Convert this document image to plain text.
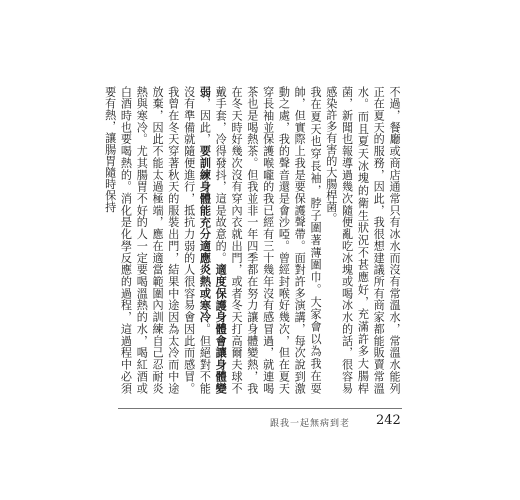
不過，餐廳或商店通常只有冰水而沒有常溫水，常溫水能列正在夏天的服務，因此，我很想建議所有商家都能販賣常溫水。而且夏天冰塊的衛生狀況不甚應好，充滿許多大腸桿菌，新聞也報導過幾次隨便亂吃冰塊或喝冰水的話，很容易感染許多有害的大腸桿菌。

我在夏天也穿長袖，脖子圍著薄圍巾。大家會以為我在耍帥，但實際上我是要保護聲帶。面對許多演講，每次說到激動之處，我的聲音還是會沙啞。曾經封喉好幾次，但在夏天穿長袖並保護喉嚨的我已經有三十幾年沒有感冒過，就連喝茶也是喝熱茶。但我並非一年四季都在努力讓身體變熱，我在冬天時好幾次沒有穿內衣就出門，或者冬天打高爾夫球不戴手套，冷得發抖，這是故意的。適度保護身體會讓身體變弱，因此，要訓練身體能充分適應炎熱或寒冷。但絕對不能沒有準備就隨便進行，抵抗力弱的人很容易會因此而感冒。我曾在冬天穿著秋天的服裝出門，結果中途因為太冷而中途放棄，因此不能太過極端，應在適當範圍內訓練自己忍耐炎熱與寒冷。尤其腸胃不好的人一定要喝溫熱的水，喝紅酒或白酒時也要喝熱的。消化是化學反應的過程，這過程中必須要有熱，讓腸胃隨時保持

跟我一起無病到老 242
